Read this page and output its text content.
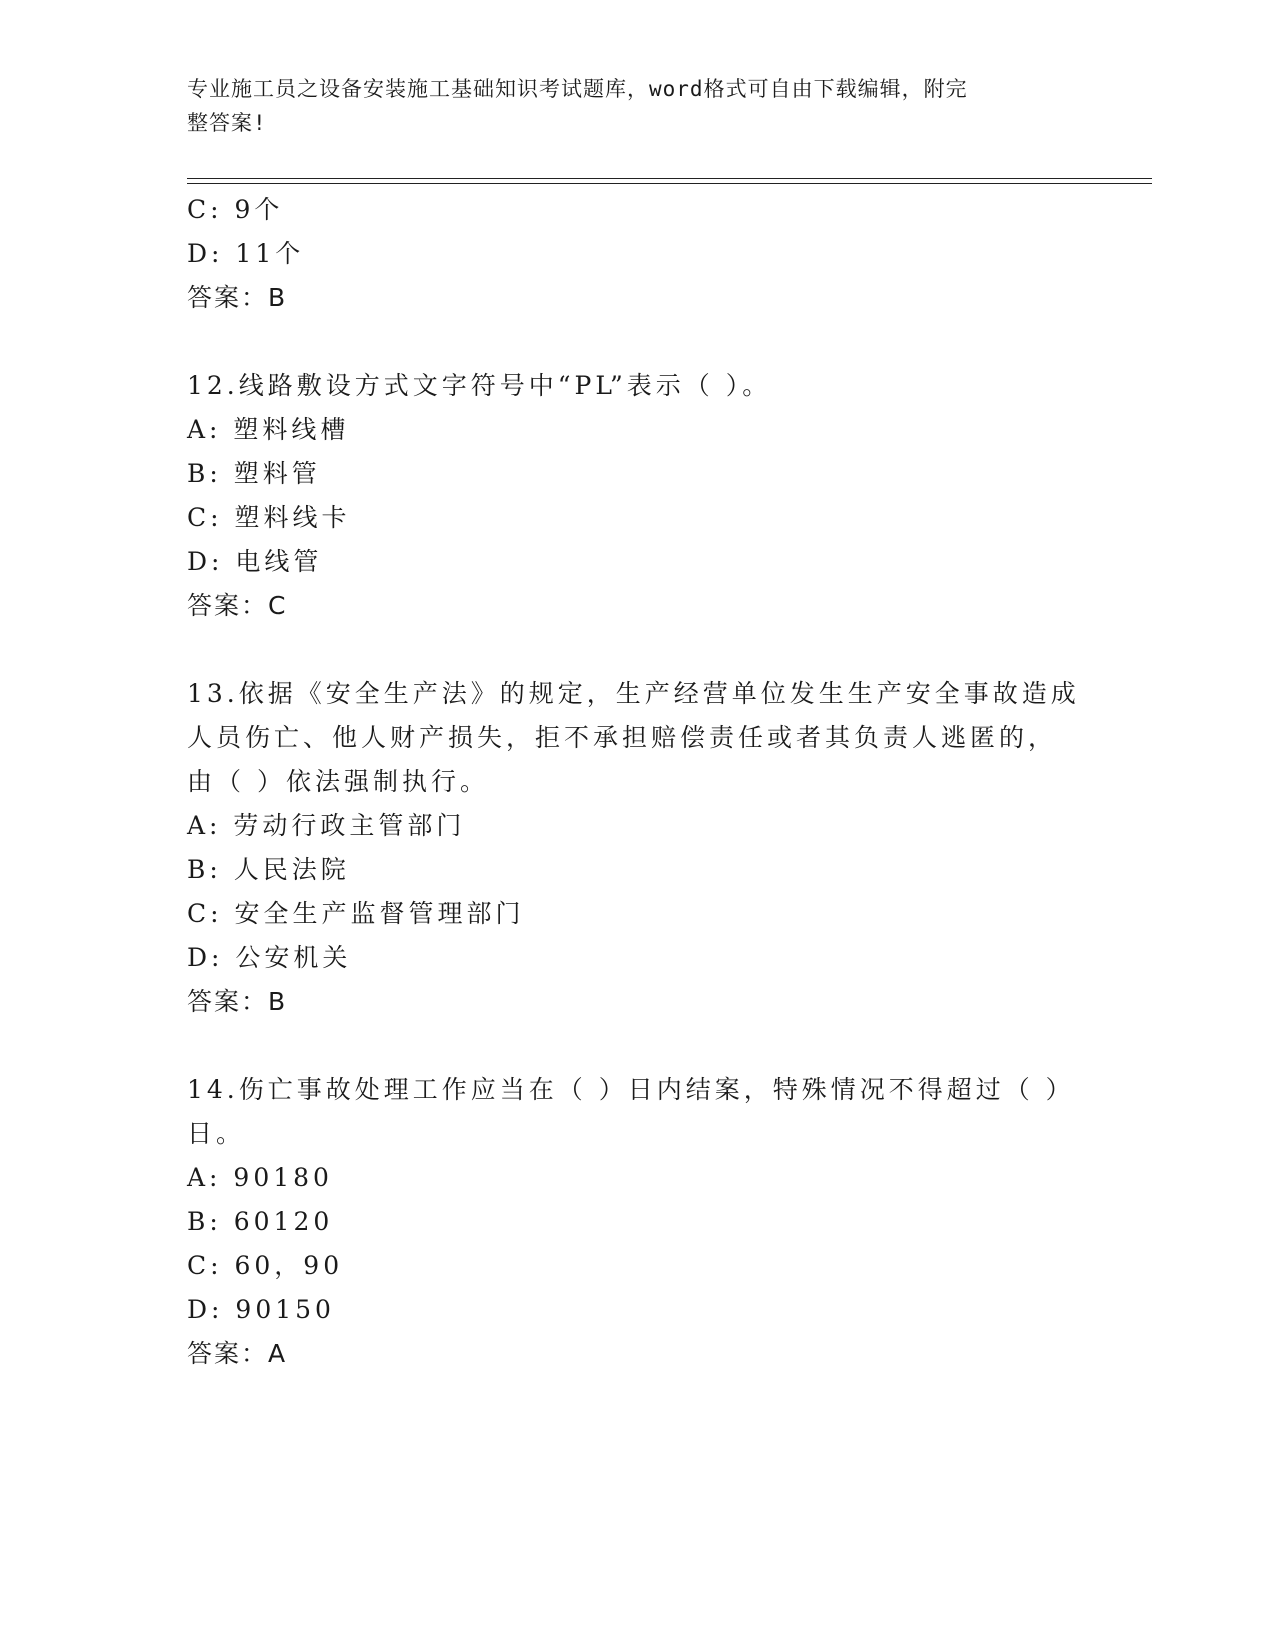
专业施工员之设备安装施工基础知识考试题库，word格式可自由下载编辑，附完
整答案!
C: 9个
D: 11个
答案：B
12.线路敷设方式文字符号中“PL”表示（ ）。
A: 塑料线槽
B: 塑料管
C: 塑料线卡
D: 电线管
答案：C
13.依据《安全生产法》的规定，生产经营单位发生生产安全事故造成
人员伤亡、他人财产损失，拒不承担赔偿责任或者其负责人逃匿的，
由（ ）依法强制执行。
A: 劳动行政主管部门
B: 人民法院
C: 安全生产监督管理部门
D: 公安机关
答案：B
14.伤亡事故处理工作应当在（ ）日内结案，特殊情况不得超过（ ）
日。
A: 90180
B: 60120
C: 60，90
D: 90150
答案：A
